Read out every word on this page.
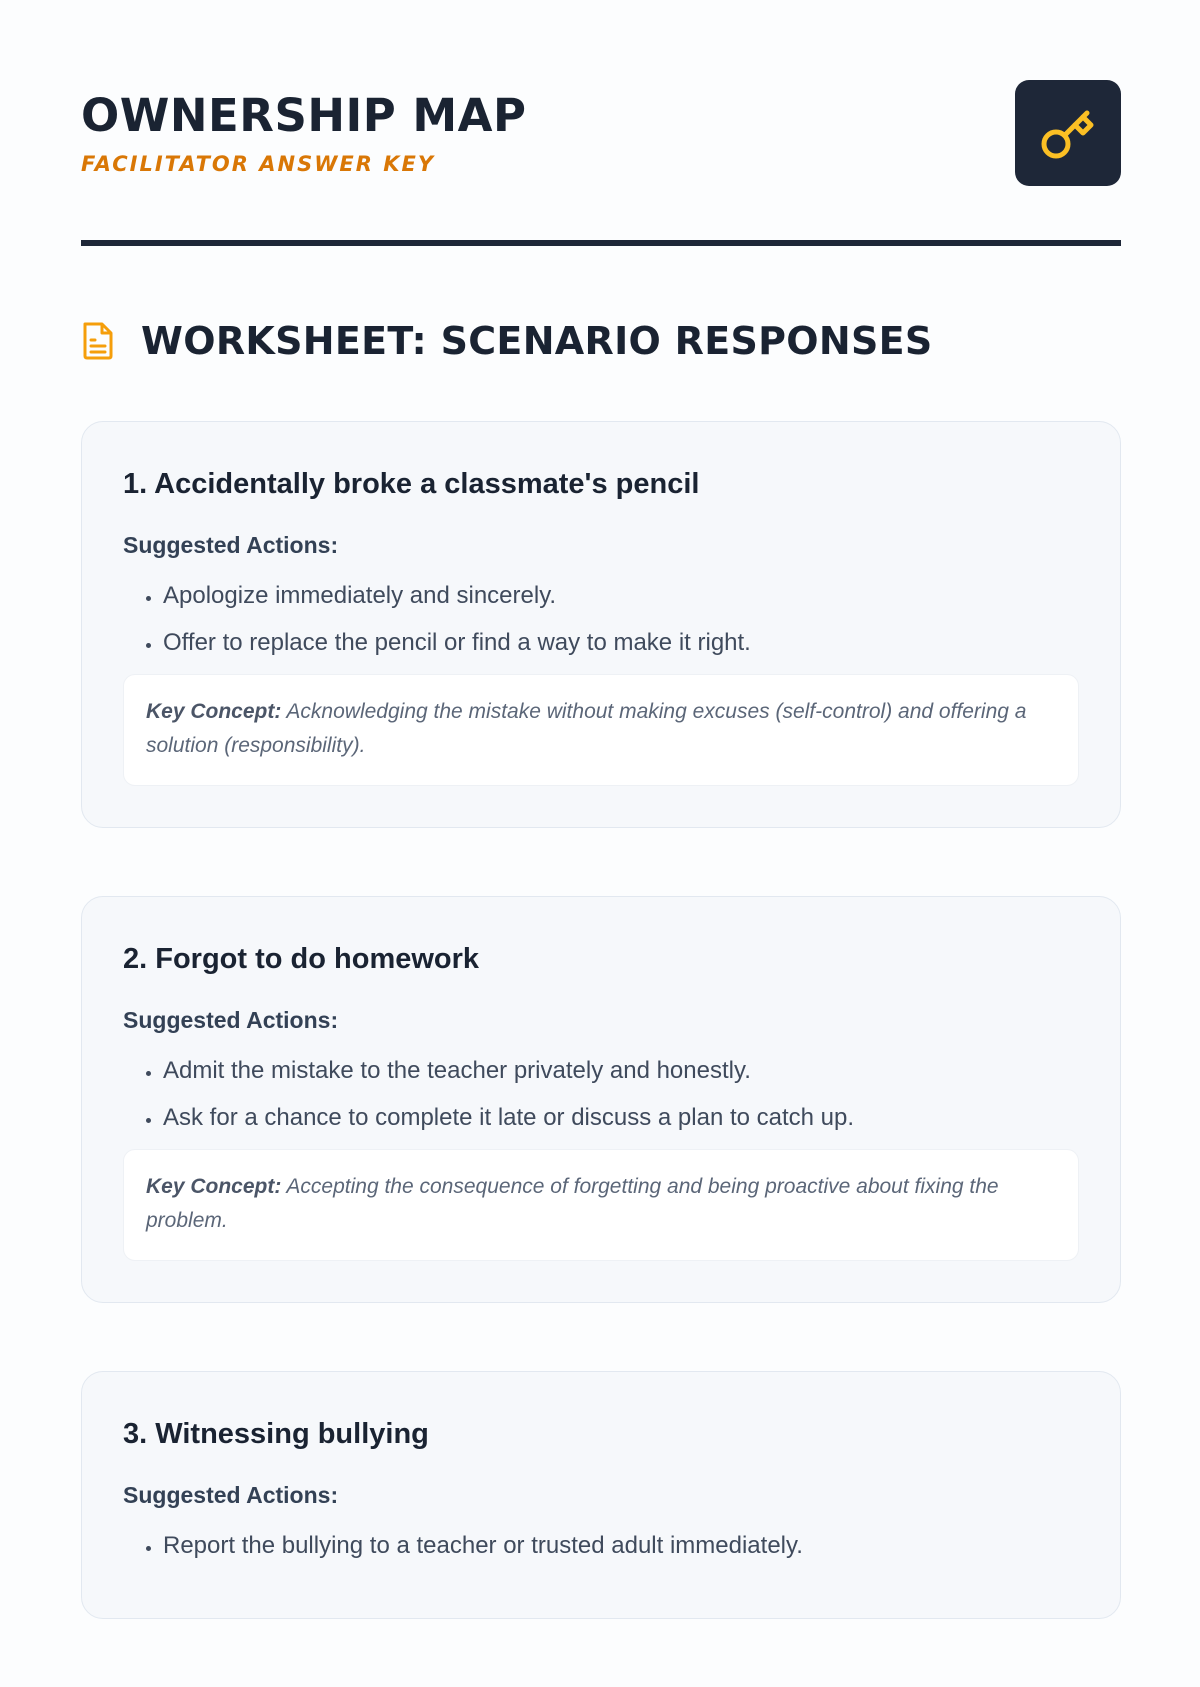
OWNERSHIP MAP

FACILITATOR ANSWER KEY

WORKSHEET: SCENARIO RESPONSES
1. Accidentally broke a classmate's pencil
Suggested Actions:
• Apologize immediately and sincerely.
• Offer to replace the pencil or find a way to make it right.
Key Concept: Acknowledging the mistake without making excuses (self-control) and offering a solution (responsibility).
2. Forgot to do homework
Suggested Actions:
• Admit the mistake to the teacher privately and honestly.
• Ask for a chance to complete it late or discuss a plan to catch up.
Key Concept: Accepting the consequence of forgetting and being proactive about fixing the problem.
3. Witnessing bullying
Suggested Actions:
• Report the bullying to a teacher or trusted adult immediately.
